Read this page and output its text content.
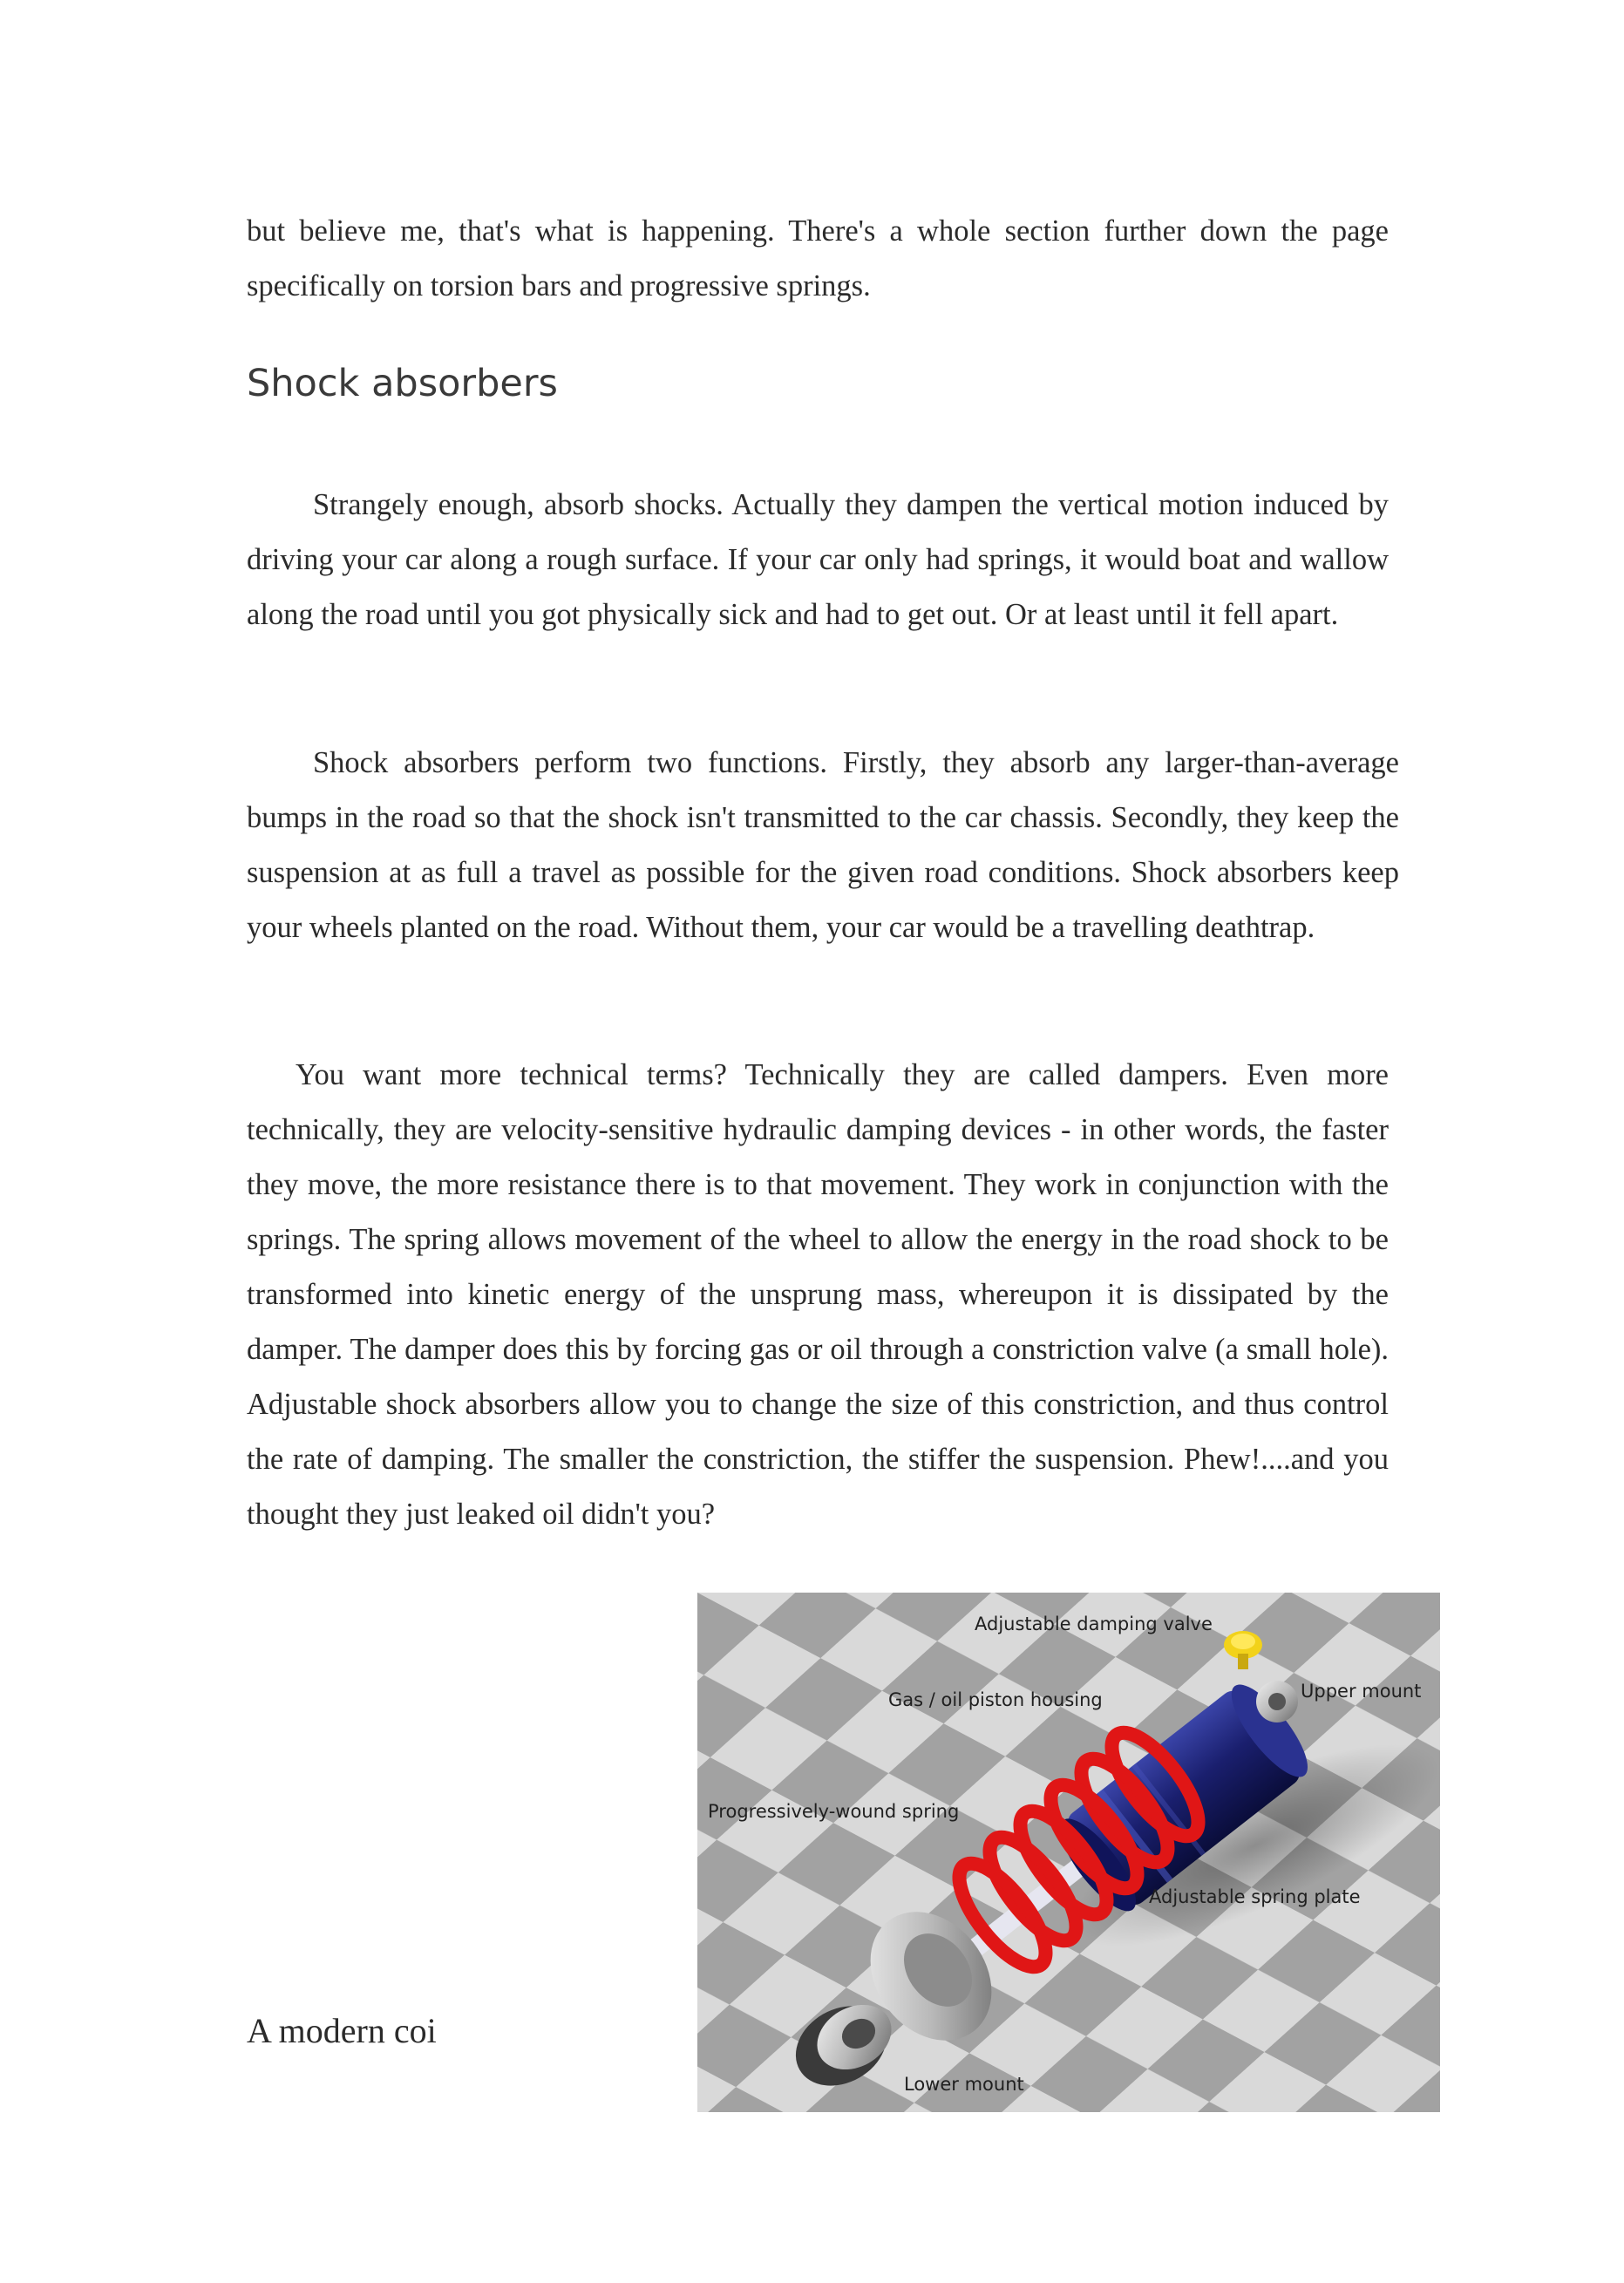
but believe me, that's what is happening. There's a whole section further down the page specifically on torsion bars and progressive springs.

Shock absorbers

Strangely enough, absorb shocks. Actually they dampen the vertical motion induced by driving your car along a rough surface. If your car only had springs, it would boat and wallow along the road until you got physically sick and had to get out. Or at least until it fell apart.

Shock absorbers perform two functions. Firstly, they absorb any larger-than-average bumps in the road so that the shock isn't transmitted to the car chassis. Secondly, they keep the suspension at as full a travel as possible for the given road conditions. Shock absorbers keep your wheels planted on the road. Without them, your car would be a travelling deathtrap.

You want more technical terms? Technically they are called dampers. Even more technically, they are velocity-sensitive hydraulic damping devices - in other words, the faster they move, the more resistance there is to that movement. They work in conjunction with the springs. The spring allows movement of the wheel to allow the energy in the road shock to be transformed into kinetic energy of the unsprung mass, whereupon it is dissipated by the damper. The damper does this by forcing gas or oil through a constriction valve (a small hole). Adjustable shock absorbers allow you to change the size of this constriction, and thus control the rate of damping. The smaller the constriction, the stiffer the suspension. Phew!....and you thought they just leaked oil didn't you?

A modern coi
Adjustable damping valve
Gas / oil piston housing	Upper mount
Progressively-wound spring
Adjustable spring plate
Lower mount
